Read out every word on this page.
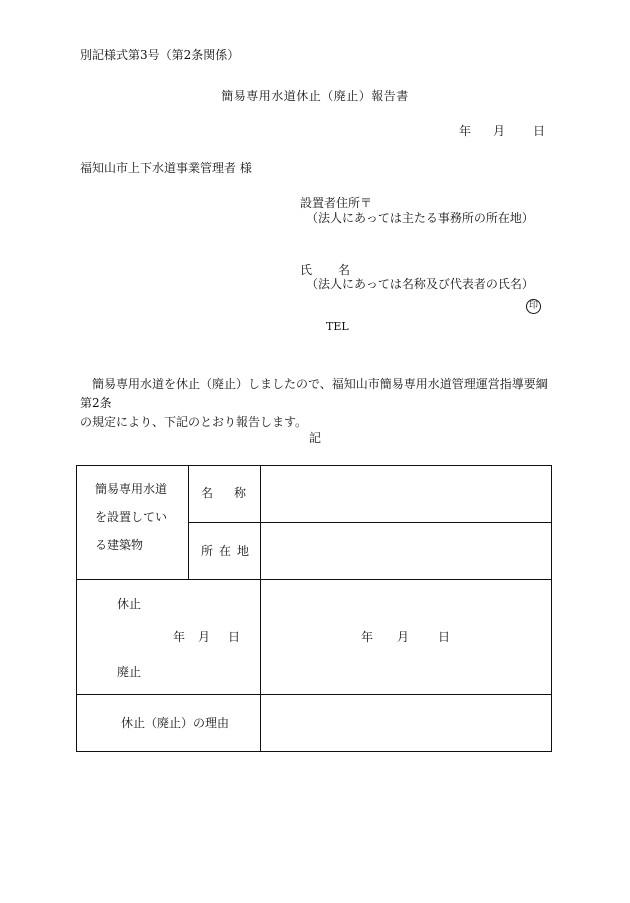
別記様式第3号（第2条関係）
簡易専用水道休止（廃止）報告書
年 月 日
福知山市上下水道事業管理者 様
設置者住所〒
（法人にあっては主たる事務所の所在地）
氏 名
（法人にあっては名称及び代表者の氏名）
印
TEL
簡易専用水道を休止（廃止）しましたので、福知山市簡易専用水道管理運営指導要綱第2条
の規定により、下記のとおり報告します。
記
簡易専用水道
を設置してい
る建築物
名 称
所 在 地
休止
廃止
年 月 日	年 月 日
休止（廃止）の理由
